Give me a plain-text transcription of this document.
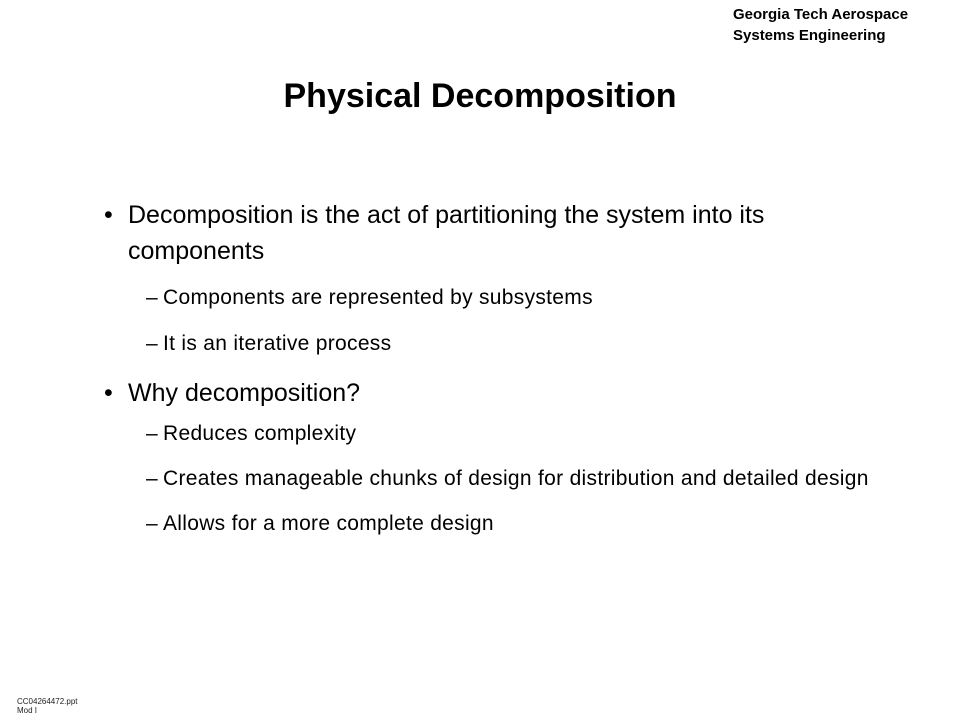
Georgia Tech Aerospace
Systems Engineering
Physical Decomposition
• Decomposition is the act of partitioning the system into its components
– Components are represented by subsystems
– It is an iterative process
• Why decomposition?
– Reduces complexity
– Creates manageable chunks of design for distribution and detailed design
– Allows for a more complete design
CC04264472.ppt
Mod I
